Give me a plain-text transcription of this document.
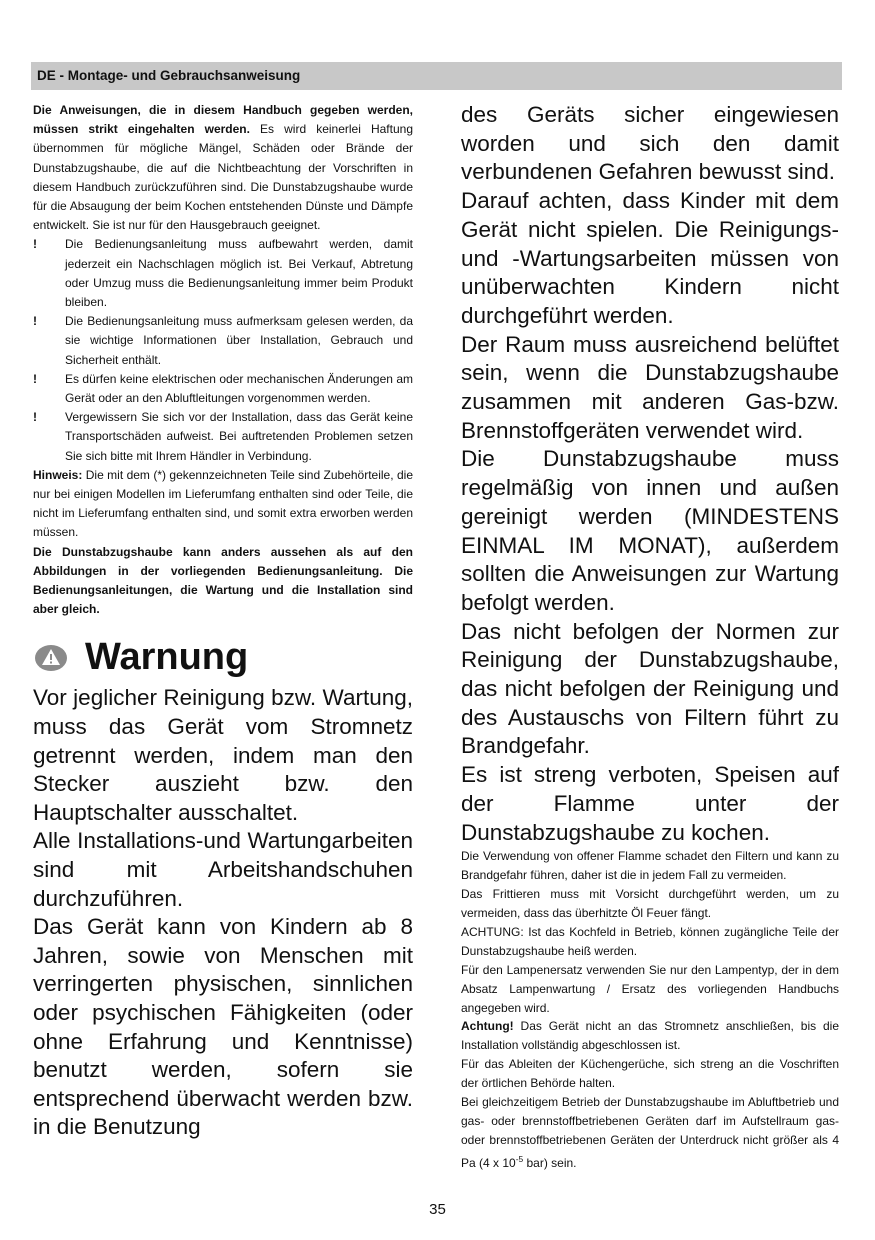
DE - Montage- und Gebrauchsanweisung
Die Anweisungen, die in diesem Handbuch gegeben werden, müssen strikt eingehalten werden. Es wird keinerlei Haftung übernommen für mögliche Mängel, Schäden oder Brände der Dunstabzugshaube, die auf die Nichtbeachtung der Vorschriften in diesem Handbuch zurückzuführen sind. Die Dunstabzugshaube wurde für die Absaugung der beim Kochen entstehenden Dünste und Dämpfe entwickelt. Sie ist nur für den Hausgebrauch geeignet.
! Die Bedienungsanleitung muss aufbewahrt werden, damit jederzeit ein Nachschlagen möglich ist. Bei Verkauf, Abtretung oder Umzug muss die Bedienungsanleitung immer beim Produkt bleiben.
! Die Bedienungsanleitung muss aufmerksam gelesen werden, da sie wichtige Informationen über Installation, Gebrauch und Sicherheit enthält.
! Es dürfen keine elektrischen oder mechanischen Änderungen am Gerät oder an den Abluftleitungen vorgenommen werden.
! Vergewissern Sie sich vor der Installation, dass das Gerät keine Transportschäden aufweist. Bei auftretenden Problemen setzen Sie sich bitte mit Ihrem Händler in Verbindung.
Hinweis: Die mit dem (*) gekennzeichneten Teile sind Zubehörteile, die nur bei einigen Modellen im Lieferumfang enthalten sind oder Teile, die nicht im Lieferumfang enthalten sind, und somit extra erworben werden müssen.
Die Dunstabzugshaube kann anders aussehen als auf den Abbildungen in der vorliegenden Bedienungsanleitung. Die Bedienungsanleitungen, die Wartung und die Installation sind aber gleich.
Warnung

Vor jeglicher Reinigung bzw. Wartung, muss das Gerät vom Stromnetz getrennt werden, indem man den Stecker auszieht bzw. den Hauptschalter ausschaltet.

Alle Installations-und Wartungarbeiten sind mit Arbeitshandschuhen durchzuführen.

Das Gerät kann von Kindern ab 8 Jahren, sowie von Menschen mit verringerten physischen, sinnlichen oder psychischen Fähigkeiten (oder ohne Erfahrung und Kenntnisse) benutzt werden, sofern sie entsprechend überwacht werden bzw. in die Benutzung

des Geräts sicher eingewiesen worden und sich den damit verbundenen Gefahren bewusst sind.

Darauf achten, dass Kinder mit dem Gerät nicht spielen. Die Reinigungs- und -Wartungsarbeiten müssen von unüberwachten Kindern nicht durchgeführt werden.

Der Raum muss ausreichend belüftet sein, wenn die Dunstabzugshaube zusammen mit anderen Gas-bzw. Brennstoffgeräten verwendet wird.

Die Dunstabzugshaube muss regelmäßig von innen und außen gereinigt werden (MINDESTENS EINMAL IM MONAT), außerdem sollten die Anweisungen zur Wartung befolgt werden.

Das nicht befolgen der Normen zur Reinigung der Dunstabzugshaube, das nicht befolgen der Reinigung und des Austauschs von Filtern führt zu Brandgefahr.

Es ist streng verboten, Speisen auf der Flamme unter der Dunstabzugshaube zu kochen.

Die Verwendung von offener Flamme schadet den Filtern und kann zu Brandgefahr führen, daher ist die in jedem Fall zu vermeiden.

Das Frittieren muss mit Vorsicht durchgeführt werden, um zu vermeiden, dass das überhitzte Öl Feuer fängt.

ACHTUNG: Ist das Kochfeld in Betrieb, können zugängliche Teile der Dunstabzugshaube heiß werden.

Für den Lampenersatz verwenden Sie nur den Lampentyp, der in dem Absatz Lampenwartung / Ersatz des vorliegenden Handbuchs angegeben wird.

Achtung! Das Gerät nicht an das Stromnetz anschließen, bis die Installation vollständig abgeschlossen ist.

Für das Ableiten der Küchengerüche, sich streng an die Voschriften der örtlichen Behörde halten.

Bei gleichzeitigem Betrieb der Dunstabzugshaube im Abluftbetrieb und gas- oder brennstoffbetriebenen Geräten darf im Aufstellraum gas- oder brennstoffbetriebenen Geräten der Unterdruck nicht größer als 4 Pa (4 x $10^{-5}$ bar) sein.

35
